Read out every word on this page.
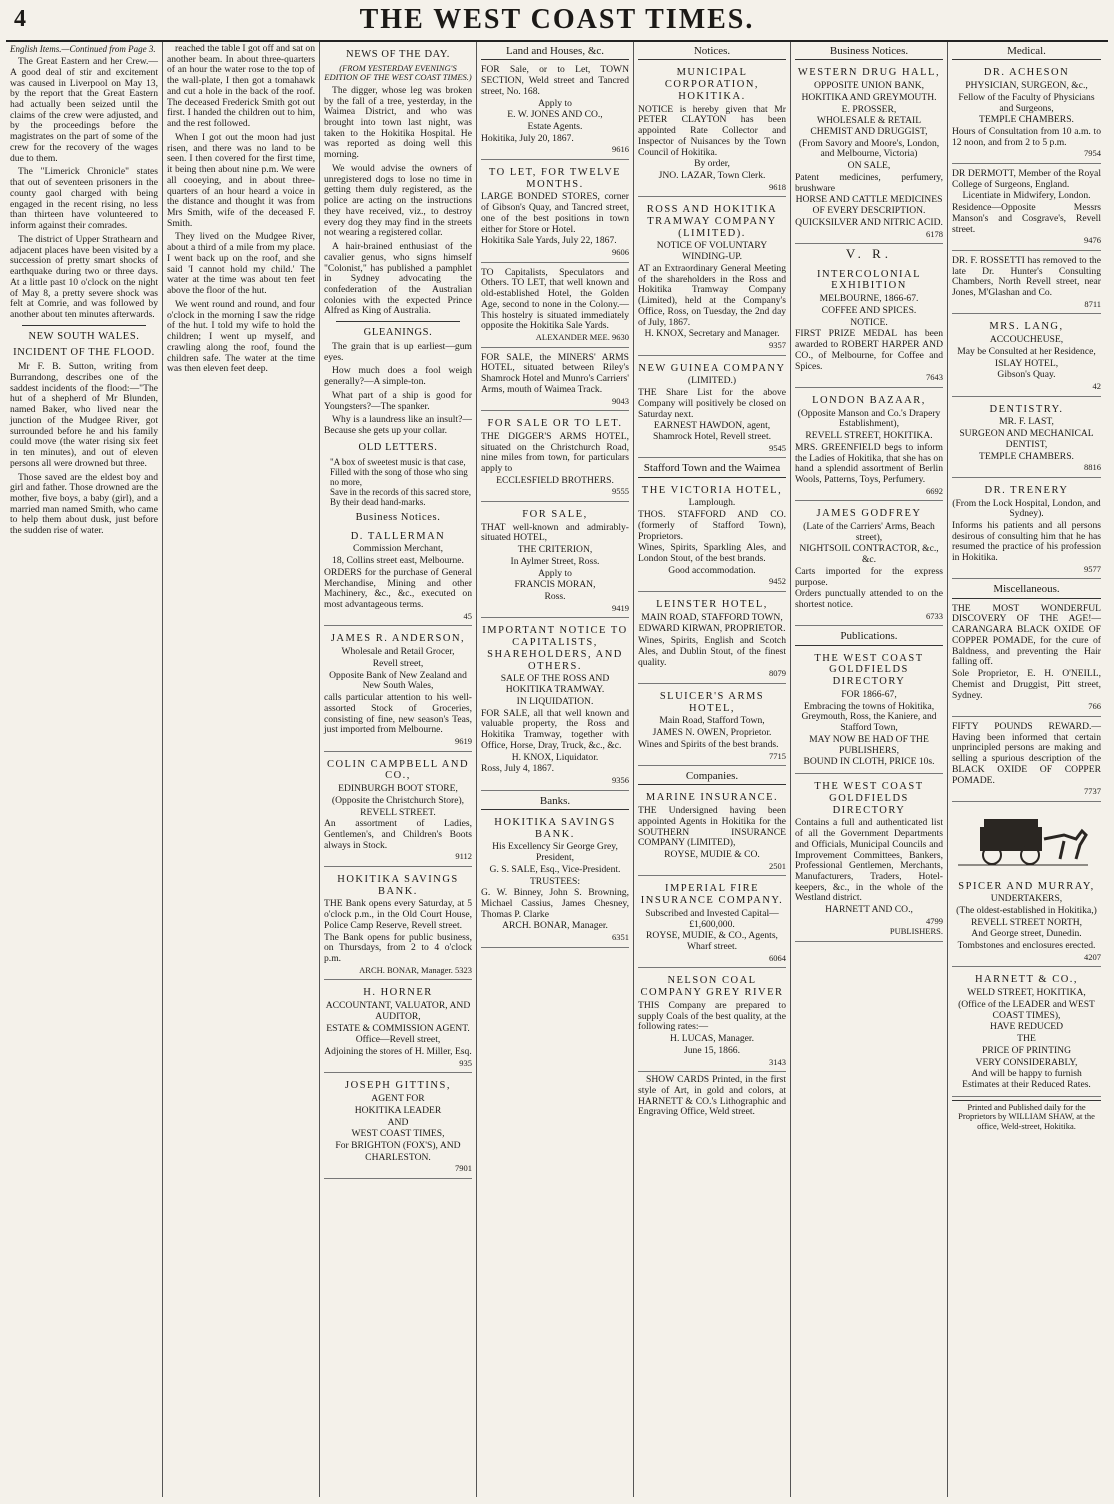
4	THE WEST COAST TIMES.
English Items.—Continued from Page 3.

The Great Eastern and her Crew.—A good deal of stir and excitement was caused in Liverpool on May 13, by the report that the Great Eastern had actually been seized until the claims of the crew were adjusted, and by the proceedings before the magistrates on the part of some of the crew for the recovery of the wages due to them.

The "Limerick Chronicle" states that out of seventeen prisoners in the county gaol charged with being engaged in the recent rising, no less than thirteen have volunteered to inform against their comrades.

The district of Upper Strathearn and adjacent places have been visited by a succession of pretty smart shocks of earthquake during two or three days. At a little past 10 o'clock on the night of May 8, a pretty severe shock was felt at Comrie, and was followed by another about ten minutes afterwards.

NEW SOUTH WALES.
INCIDENT OF THE FLOOD.

Mr F. B. Sutton, writing from Burrandong, describes one of the saddest incidents of the flood:—"The hut of a shepherd of Mr Blunden, named Baker, who lived near the junction of the Mudgee River, got surrounded before he and his family could move (the water rising six feet in ten minutes), and out of eleven persons all were drowned but three.

Those saved are the eldest boy and girl and father. Those drowned are the mother, five boys, a baby (girl), and a married man named Smith, who came to help them about dusk, just before the sudden rise of water.

reached the table I got off and sat on another beam. In about three-quarters of an hour the water rose to the top of the wall-plate, I then got a tomahawk and cut a hole in the back of the roof. The deceased Frederick Smith got out first. I handed the children out to him, and the rest followed.

When I got out the moon had just risen, and there was no land to be seen. I then covered for the first time, it being then about nine p.m. We were all cooeying, and in about three-quarters of an hour heard a voice in the distance and thought it was from Mrs Smith, wife of the deceased F. Smith.

They lived on the Mudgee River, about a third of a mile from my place. I went back up on the roof, and she said 'I cannot hold my child.' The water at the time was about ten feet above the floor of the hut.

We went round and round, and four o'clock in the morning I saw the ridge of the hut. I told my wife to hold the children; I went up myself, and crawling along the roof, found the children safe. The water at the time was then eleven feet deep.

NEWS OF THE DAY.
(FROM YESTERDAY EVENING'S EDITION OF THE WEST COAST TIMES.)

The digger, whose leg was broken by the fall of a tree, yesterday, in the Waimea District, and who was brought into town last night, was taken to the Hokitika Hospital. He was reported as doing well this morning.

We would advise the owners of unregistered dogs to lose no time in getting them duly registered, as the police are acting on the instructions they have received, viz., to destroy every dog they may find in the streets not wearing a registered collar.

A hair-brained enthusiast of the cavalier genus, who signs himself "Colonist," has published a pamphlet in Sydney advocating the confederation of the Australian colonies with the expected Prince Alfred as King of Australia.

GLEANINGS.

The grain that is up earliest—gum eyes.

How much does a fool weigh generally?—A simple-ton.

What part of a ship is good for Youngsters?—The spanker.

Why is a laundress like an insult?—Because she gets up your collar.

OLD LETTERS.
"A box of sweetest music is that case,
Filled with the song of those who sing no more,
Save in the records of this sacred store,
By their dead hand-marks.
Business Notices.
D. TALLERMAN
Commission Merchant,
18, Collins street east, Melbourne.
ORDERS for the purchase of General Merchandise, Mining and other Machinery, &c., &c., executed on most advantageous terms.
45
JAMES R. ANDERSON,
Wholesale and Retail Grocer,
Revell street,
Opposite Bank of New Zealand and New South Wales,
calls particular attention to his well-assorted Stock of Groceries, consisting of fine, new season's Teas, just imported from Melbourne.
9619
COLIN CAMPBELL AND CO.,
EDINBURGH BOOT STORE,
(Opposite the Christchurch Store),
REVELL STREET.
An assortment of Ladies, Gentlemen's, and Children's Boots always in Stock.
9112
HOKITIKA SAVINGS BANK.
THE Bank opens every Saturday, at 5 o'clock p.m., in the Old Court House, Police Camp Reserve, Revell street.
The Bank opens for public business, on Thursdays, from 2 to 4 o'clock p.m.
ARCH. BONAR, Manager. 5323
H. HORNER
ACCOUNTANT, VALUATOR, AND AUDITOR,
ESTATE & COMMISSION AGENT.
Office—Revell street,
Adjoining the stores of H. Miller, Esq.
935
JOSEPH GITTINS,
AGENT FOR
HOKITIKA LEADER
AND
WEST COAST TIMES,
For BRIGHTON (FOX'S), AND
CHARLESTON.
7901
Land and Houses, &c.
FOR Sale, or to Let, TOWN SECTION, Weld street and Tancred street, No. 168.
Apply to
E. W. JONES AND CO.,
Estate Agents.
Hokitika, July 20, 1867.
9616
TO LET, FOR TWELVE MONTHS.
LARGE BONDED STORES, corner of Gibson's Quay, and Tancred street, one of the best positions in town either for Store or Hotel.
Hokitika Sale Yards, July 22, 1867.
9606
TO Capitalists, Speculators and Others. TO LET, that well known and old-established Hotel, the Golden Age, second to none in the Colony.—This hostelry is situated immediately opposite the Hokitika Sale Yards.
ALEXANDER MEE. 9630
FOR SALE, the MINERS' ARMS HOTEL, situated between Riley's Shamrock Hotel and Munro's Carriers' Arms, mouth of Waimea Track.
9043
FOR SALE OR TO LET.
THE DIGGER'S ARMS HOTEL, situated on the Christchurch Road, nine miles from town, for particulars apply to
ECCLESFIELD BROTHERS.
9555
FOR SALE,
THAT well-known and admirably-situated HOTEL,
THE CRITERION,
In Aylmer Street, Ross.
Apply to
FRANCIS MORAN,
Ross.
9419
IMPORTANT NOTICE TO CAPITALISTS, SHAREHOLDERS, AND OTHERS.
SALE OF THE ROSS AND HOKITIKA TRAMWAY.
IN LIQUIDATION.
FOR SALE, all that well known and valuable property, the Ross and Hokitika Tramway, together with Office, Horse, Dray, Truck, &c., &c.
H. KNOX, Liquidator.
Ross, July 4, 1867.
9356
Banks.
HOKITIKA SAVINGS BANK.
His Excellency Sir George Grey, President,
G. S. SALE, Esq., Vice-President.
TRUSTEES:
G. W. Binney, John S. Browning, Michael Cassius, James Chesney, Thomas P. Clarke
ARCH. BONAR, Manager.
6351
Notices.
MUNICIPAL CORPORATION, HOKITIKA.
NOTICE is hereby given that Mr PETER CLAYTON has been appointed Rate Collector and Inspector of Nuisances by the Town Council of Hokitika.
By order,
JNO. LAZAR, Town Clerk.
9618
ROSS AND HOKITIKA TRAMWAY COMPANY (LIMITED).
NOTICE OF VOLUNTARY WINDING-UP.
AT an Extraordinary General Meeting of the shareholders in the Ross and Hokitika Tramway Company (Limited), held at the Company's Office, Ross, on Tuesday, the 2nd day of July, 1867.
H. KNOX, Secretary and Manager.
9357
NEW GUINEA COMPANY
(LIMITED.)
THE Share List for the above Company will positively be closed on Saturday next.
EARNEST HAWDON, agent, Shamrock Hotel, Revell street.
9545
Stafford Town and the Waimea
THE VICTORIA HOTEL,
Lamplough.
THOS. STAFFORD AND CO. (formerly of Stafford Town), Proprietors.
Wines, Spirits, Sparkling Ales, and London Stout, of the best brands.
Good accommodation.
9452
LEINSTER HOTEL,
MAIN ROAD, STAFFORD TOWN,
EDWARD KIRWAN, PROPRIETOR.
Wines, Spirits, English and Scotch Ales, and Dublin Stout, of the finest quality.
8079
SLUICER'S ARMS HOTEL,
Main Road, Stafford Town,
JAMES N. OWEN, Proprietor.
Wines and Spirits of the best brands.
7715
Companies.
MARINE INSURANCE.
THE Undersigned having been appointed Agents in Hokitika for the SOUTHERN INSURANCE COMPANY (LIMITED),
ROYSE, MUDIE & CO.
2501
IMPERIAL FIRE INSURANCE COMPANY.
Subscribed and Invested Capital—£1,600,000.
ROYSE, MUDIE, & CO., Agents, Wharf street.
6064
NELSON COAL COMPANY GREY RIVER
THIS Company are prepared to supply Coals of the best quality, at the following rates:—
H. LUCAS, Manager.
June 15, 1866.
3143

SHOW CARDS Printed, in the first style of Art, in gold and colors, at HARNETT & CO.'s Lithographic and Engraving Office, Weld street.

Business Notices.
WESTERN DRUG HALL,
OPPOSITE UNION BANK,
HOKITIKA AND GREYMOUTH.
E. PROSSER,
WHOLESALE & RETAIL CHEMIST AND DRUGGIST,
(From Savory and Moore's, London, and Melbourne, Victoria)
ON SALE,
Patent medicines, perfumery, brushware
HORSE AND CATTLE MEDICINES OF EVERY DESCRIPTION.
QUICKSILVER AND NITRIC ACID.
6178
V. R.
INTERCOLONIAL EXHIBITION
MELBOURNE, 1866-67.
COFFEE AND SPICES.
NOTICE.
FIRST PRIZE MEDAL has been awarded to ROBERT HARPER AND CO., of Melbourne, for Coffee and Spices.
7643
LONDON BAZAAR,
(Opposite Manson and Co.'s Drapery Establishment),
REVELL STREET, HOKITIKA.
MRS. GREENFIELD begs to inform the Ladies of Hokitika, that she has on hand a splendid assortment of Berlin Wools, Patterns, Toys, Perfumery.
6692
JAMES GODFREY
(Late of the Carriers' Arms, Beach street),
NIGHTSOIL CONTRACTOR, &c., &c.
Carts imported for the express purpose.
Orders punctually attended to on the shortest notice.
6733
Publications.
THE WEST COAST GOLDFIELDS DIRECTORY
FOR 1866-67,
Embracing the towns of Hokitika, Greymouth, Ross, the Kaniere, and Stafford Town,
MAY NOW BE HAD OF THE PUBLISHERS,
BOUND IN CLOTH, PRICE 10s.
THE WEST COAST GOLDFIELDS DIRECTORY
Contains a full and authenticated list of all the Government Departments and Officials, Municipal Councils and Improvement Committees, Bankers, Professional Gentlemen, Merchants, Manufacturers, Traders, Hotel-keepers, &c., in the whole of the Westland district.
HARNETT AND CO.,
4799
PUBLISHERS.
Medical.
DR. ACHESON
PHYSICIAN, SURGEON, &c.,
Fellow of the Faculty of Physicians and Surgeons,
TEMPLE CHAMBERS.
Hours of Consultation from 10 a.m. to 12 noon, and from 2 to 5 p.m.
7954
DR DERMOTT, Member of the Royal College of Surgeons, England.
Licentiate in Midwifery, London.
Residence—Opposite Messrs Manson's and Cosgrave's, Revell street.
9476
DR. F. ROSSETTI has removed to the late Dr. Hunter's Consulting Chambers, North Revell street, near Jones, M'Glashan and Co.
8711
MRS. LANG,
ACCOUCHEUSE,
May be Consulted at her Residence,
ISLAY HOTEL,
Gibson's Quay.
42
DENTISTRY.
MR. F. LAST,
SURGEON AND MECHANICAL DENTIST,
TEMPLE CHAMBERS.
8816
DR. TRENERY
(From the Lock Hospital, London, and Sydney).
Informs his patients and all persons desirous of consulting him that he has resumed the practice of his profession in Hokitika.
9577
Miscellaneous.
THE MOST WONDERFUL DISCOVERY OF THE AGE!—CARANGARA BLACK OXIDE OF COPPER POMADE, for the cure of Baldness, and preventing the Hair falling off.
Sole Proprietor, E. H. O'NEILL, Chemist and Druggist, Pitt street, Sydney.
766
FIFTY POUNDS REWARD.—Having been informed that certain unprincipled persons are making and selling a spurious description of the BLACK OXIDE OF COPPER POMADE.
7737
SPICER AND MURRAY,
UNDERTAKERS,
(The oldest-established in Hokitika,)
REVELL STREET NORTH,
And George street, Dunedin.
Tombstones and enclosures erected.
4207
HARNETT & CO.,
WELD STREET, HOKITIKA,
(Office of the LEADER and WEST COAST TIMES),
HAVE REDUCED
THE
PRICE OF PRINTING
VERY CONSIDERABLY,
And will be happy to furnish Estimates at their Reduced Rates.
Printed and Published daily for the Proprietors by WILLIAM SHAW, at the office, Weld-street, Hokitika.
